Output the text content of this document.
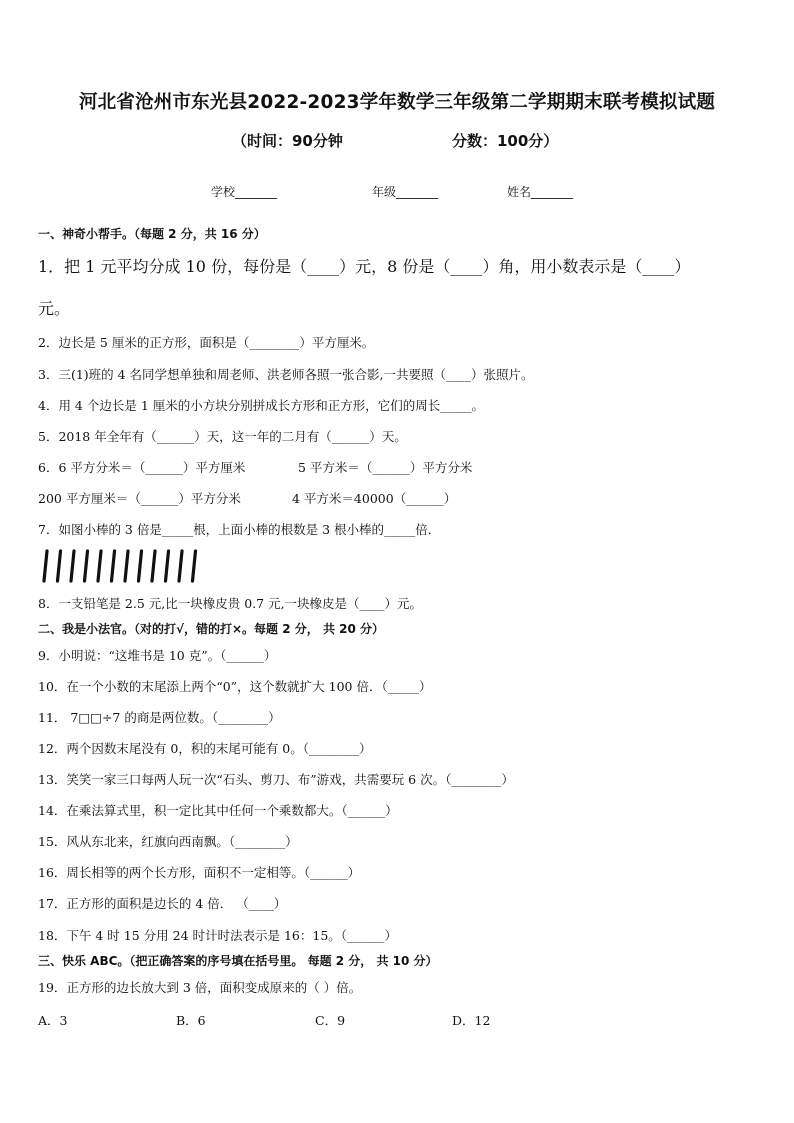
河北省沧州市东光县2022-2023学年数学三年级第二学期期末联考模拟试题
（时间：90分钟	分数：100分）
学校_______	年级_______	姓名_______
一、神奇小帮手。（每题 2 分，共 16 分）
1．把 1 元平均分成 10 份，每份是（____）元，8 份是（____）角，用小数表示是（____）
元。
2．边长是 5 厘米的正方形，面积是（________）平方厘米。
3．三(1)班的 4 名同学想单独和周老师、洪老师各照一张合影,一共要照（____）张照片。
4．用 4 个边长是 1 厘米的小方块分别拼成长方形和正方形，它们的周长_____。
5．2018 年全年有（______）天，这一年的二月有（______）天。
6．6 平方分米＝（______）平方厘米	5 平方米＝（______）平方分米
200 平方厘米＝（______）平方分米	4 平方米＝40000（______）
7．如图小棒的 3 倍是_____根，上面小棒的根数是 3 根小棒的_____倍．
8．一支铅笔是 2.5 元,比一块橡皮贵 0.7 元,一块橡皮是（____）元。
二、我是小法官。（对的打√，错的打×。每题 2 分， 共 20 分）
9．小明说：“这堆书是 10 克”。（______）
10．在一个小数的末尾添上两个“0”，这个数就扩大 100 倍．（_____）
11． 7□□÷7 的商是两位数。（________）
12．两个因数末尾没有 0，积的末尾可能有 0。（________）
13．笑笑一家三口每两人玩一次“石头、剪刀、布”游戏，共需要玩 6 次。（________）
14．在乘法算式里，积一定比其中任何一个乘数都大。（______）
15．风从东北来，红旗向西南飘。（________）
16．周长相等的两个长方形，面积不一定相等。（______）
17．正方形的面积是边长的 4 倍． （____）
18．下午 4 时 15 分用 24 时计时法表示是 16：15。（______）
三、快乐 ABC。（把正确答案的序号填在括号里。 每题 2 分， 共 10 分）
19．正方形的边长放大到 3 倍，面积变成原来的（ ）倍。
A．3	B．6	C．9	D．12
